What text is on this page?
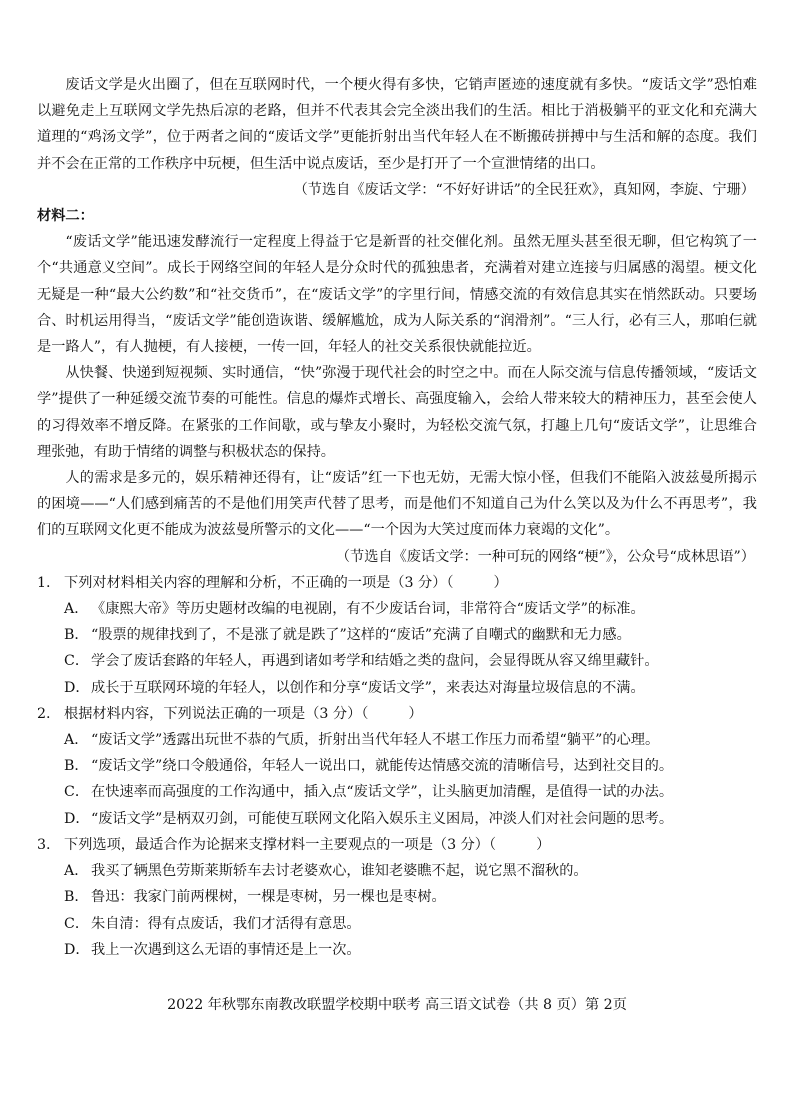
废话文学是火出圈了，但在互联网时代，一个梗火得有多快，它销声匿迹的速度就有多快。“废话文学”恐怕难以避免走上互联网文学先热后凉的老路，但并不代表其会完全淡出我们的生活。相比于消极躺平的亚文化和充满大道理的“鸡汤文学”，位于两者之间的“废话文学”更能折射出当代年轻人在不断搬砖拼搏中与生活和解的态度。我们并不会在正常的工作秩序中玩梗，但生活中说点废话，至少是打开了一个宣泄情绪的出口。

（节选自《废话文学：“不好好讲话”的全民狂欢》，真知网，李旋、宁珊）

材料二：

“废话文学”能迅速发酵流行一定程度上得益于它是新晋的社交催化剂。虽然无厘头甚至很无聊，但它构筑了一个“共通意义空间”。成长于网络空间的年轻人是分众时代的孤独患者，充满着对建立连接与归属感的渴望。梗文化无疑是一种“最大公约数”和“社交货币”，在“废话文学”的字里行间，情感交流的有效信息其实在悄然跃动。只要场合、时机运用得当，“废话文学”能创造诙谐、缓解尴尬，成为人际关系的“润滑剂”。“三人行，必有三人，那咱仨就是一路人”，有人抛梗，有人接梗，一传一回，年轻人的社交关系很快就能拉近。

从快餐、快递到短视频、实时通信，“快”弥漫于现代社会的时空之中。而在人际交流与信息传播领域，“废话文学”提供了一种延缓交流节奏的可能性。信息的爆炸式增长、高强度输入，会给人带来较大的精神压力，甚至会使人的习得效率不增反降。在紧张的工作间歇，或与挚友小聚时，为轻松交流气氛，打趣上几句“废话文学”，让思维合理张弛，有助于情绪的调整与积极状态的保持。

人的需求是多元的，娱乐精神还得有，让“废话”红一下也无妨，无需大惊小怪，但我们不能陷入波兹曼所揭示的困境——“人们感到痛苦的不是他们用笑声代替了思考，而是他们不知道自己为什么笑以及为什么不再思考”，我们的互联网文化更不能成为波兹曼所警示的文化——“一个因为大笑过度而体力衰竭的文化”。

（节选自《废话文学：一种可玩的网络“梗”》，公众号“成林思语”）

1. 下列对材料相关内容的理解和分析，不正确的一项是（3 分）（	）
A． 《康熙大帝》等历史题材改编的电视剧，有不少废话台词，非常符合“废话文学”的标准。
B． “股票的规律找到了，不是涨了就是跌了”这样的“废话”充满了自嘲式的幽默和无力感。
C． 学会了废话套路的年轻人，再遇到诸如考学和结婚之类的盘问，会显得既从容又绵里藏针。
D． 成长于互联网环境的年轻人，以创作和分享“废话文学”，来表达对海量垃圾信息的不满。
2. 根据材料内容，下列说法正确的一项是（3 分）（	）
A． “废话文学”透露出玩世不恭的气质，折射出当代年轻人不堪工作压力而希望“躺平”的心理。
B． “废话文学”绕口令般通俗，年轻人一说出口，就能传达情感交流的清晰信号，达到社交目的。
C． 在快速率而高强度的工作沟通中，插入点“废话文学”，让头脑更加清醒，是值得一试的办法。
D． “废话文学”是柄双刃剑，可能使互联网文化陷入娱乐主义困局，冲淡人们对社会问题的思考。
3. 下列选项，最适合作为论据来支撑材料一主要观点的一项是（3 分）（	）
A． 我买了辆黑色劳斯莱斯轿车去讨老婆欢心，谁知老婆瞧不起，说它黑不溜秋的。
B． 鲁迅：我家门前两棵树，一棵是枣树，另一棵也是枣树。
C． 朱自清：得有点废话，我们才活得有意思。
D． 我上一次遇到这么无语的事情还是上一次。
2022 年秋鄂东南教改联盟学校期中联考 高三语文试卷（共 8 页）第 2页
